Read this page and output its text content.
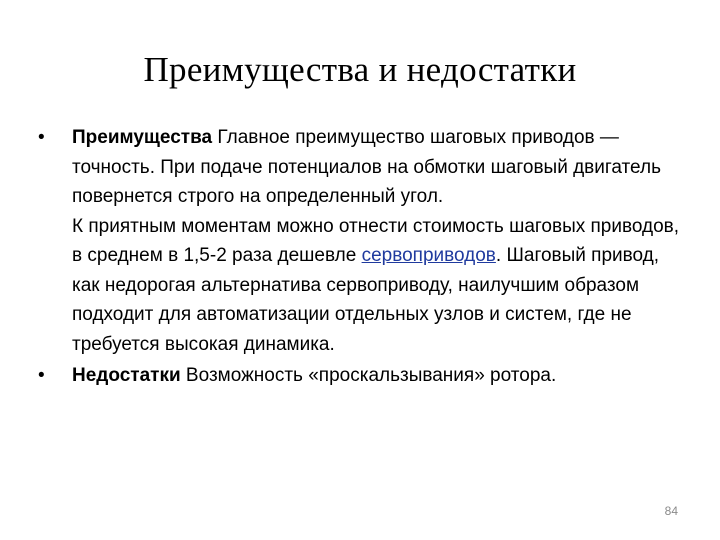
Преимущества и недостатки
•	Преимущества Главное преимущество шаговых приводов — точность. При подаче потенциалов на обмотки шаговый двигатель повернется строго на определенный угол.

К приятным моментам можно отнести стоимость шаговых приводов, в среднем в 1,5-2 раза дешевле сервоприводов. Шаговый привод, как недорогая альтернатива сервоприводу, наилучшим образом подходит для автоматизации отдельных узлов и систем, где не требуется высокая динамика.

•	Недостатки Возможность «проскальзывания» ротора.

84
